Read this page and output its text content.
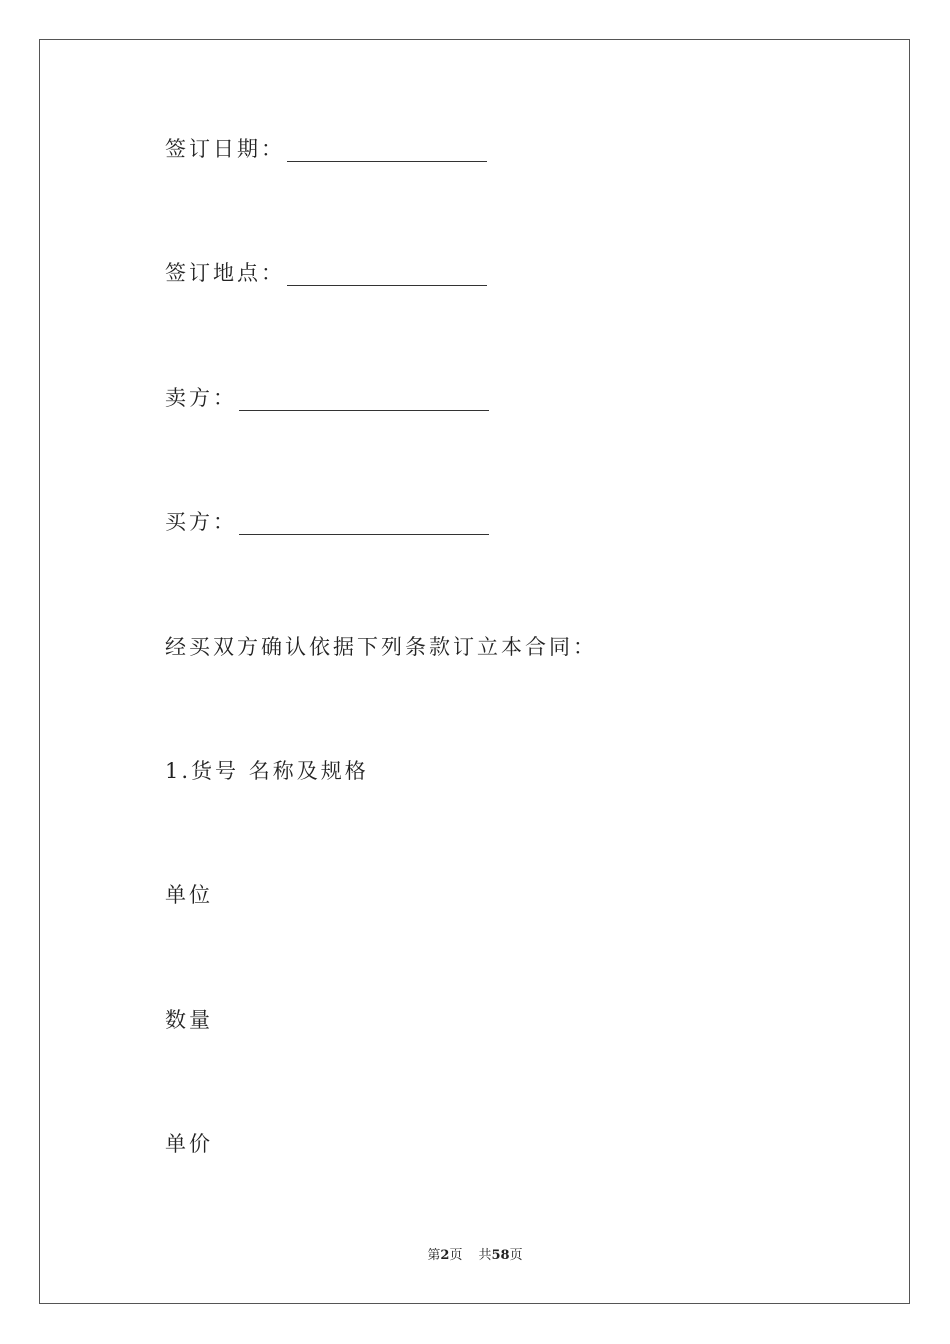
签订日期：
签订地点：
卖方：
买方：
经买双方确认依据下列条款订立本合同：
1.货号 名称及规格
单位
数量
单价
第2页 共58页
